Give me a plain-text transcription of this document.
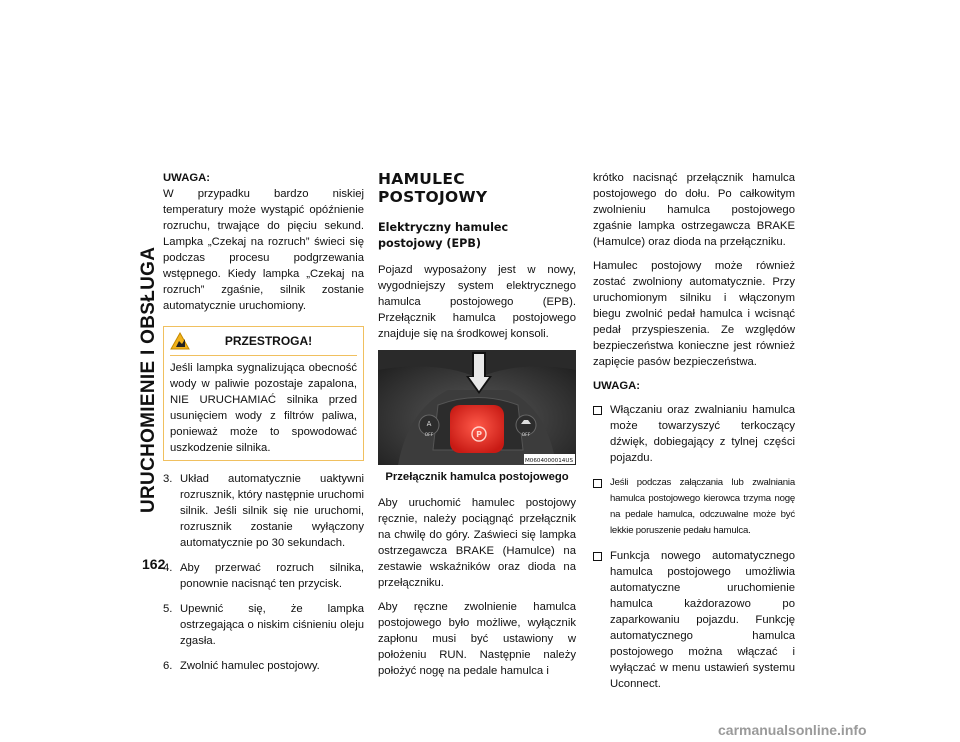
URUCHOMIENIE I OBSŁUGA
162

UWAGA:

W przypadku bardzo niskiej temperatury może wystąpić opóźnienie rozruchu, trwające do pięciu sekund. Lampka „Czekaj na rozruch” świeci się podczas procesu podgrzewania wstępnego. Kiedy lampka „Czekaj na rozruch” zgaśnie, silnik zostanie automatycznie uruchomiony.

PRZESTROGA!
Jeśli lampka sygnalizująca obecność wody w paliwie pozostaje zapalona, NIE URUCHAMIAĆ silnika przed usunięciem wody z filtrów paliwa, ponieważ może to spowodować uszkodzenie silnika.
3. Układ automatycznie uaktywni rozrusznik, który następnie uruchomi silnik. Jeśli silnik się nie uruchomi, rozrusznik zostanie wyłączony automatycznie po 30 sekundach.
4. Aby przerwać rozruch silnika, ponownie nacisnąć ten przycisk.
5. Upewnić się, że lampka ostrzegająca o niskim ciśnieniu oleju zgasła.
6. Zwolnić hamulec postojowy.

HAMULEC POSTOJOWY

Elektryczny hamulec postojowy (EPB)

Pojazd wyposażony jest w nowy, wygodniejszy system elektrycznego hamulca postojowego (EPB). Przełącznik hamulca postojowego znajduje się na środkowej konsoli.

P
A
OFF	OFF
M0604000014US

Przełącznik hamulca postojowego

Aby uruchomić hamulec postojowy ręcznie, należy pociągnąć przełącznik na chwilę do góry. Zaświeci się lampka ostrzegawcza BRAKE (Hamulce) na zestawie wskaźników oraz dioda na przełączniku.

Aby ręczne zwolnienie hamulca postojowego było możliwe, wyłącznik zapłonu musi być ustawiony w położeniu RUN. Następnie należy położyć nogę na pedale hamulca i

krótko nacisnąć przełącznik hamulca postojowego do dołu. Po całkowitym zwolnieniu hamulca postojowego zgaśnie lampka ostrzegawcza BRAKE (Hamulce) oraz dioda na przełączniku.

Hamulec postojowy może również zostać zwolniony automatycznie. Przy uruchomionym silniku i włączonym biegu zwolnić pedał hamulca i wcisnąć pedał przyspieszenia. Ze względów bezpieczeństwa konieczne jest również zapięcie pasów bezpieczeństwa.

UWAGA:

Włączaniu oraz zwalnianiu hamulca może towarzyszyć terkoczący dźwięk, dobiegający z tylnej części pojazdu.
Jeśli podczas załączania lub zwalniania hamulca postojowego kierowca trzyma nogę na pedale hamulca, odczuwalne może być lekkie poruszenie pedału hamulca.
Funkcja nowego automatycznego hamulca postojowego umożliwia automatyczne uruchomienie hamulca każdorazowo po zaparkowaniu pojazdu. Funkcję automatycznego hamulca postojowego można włączać i wyłączać w menu ustawień systemu Uconnect.
carmanualsonline.info
